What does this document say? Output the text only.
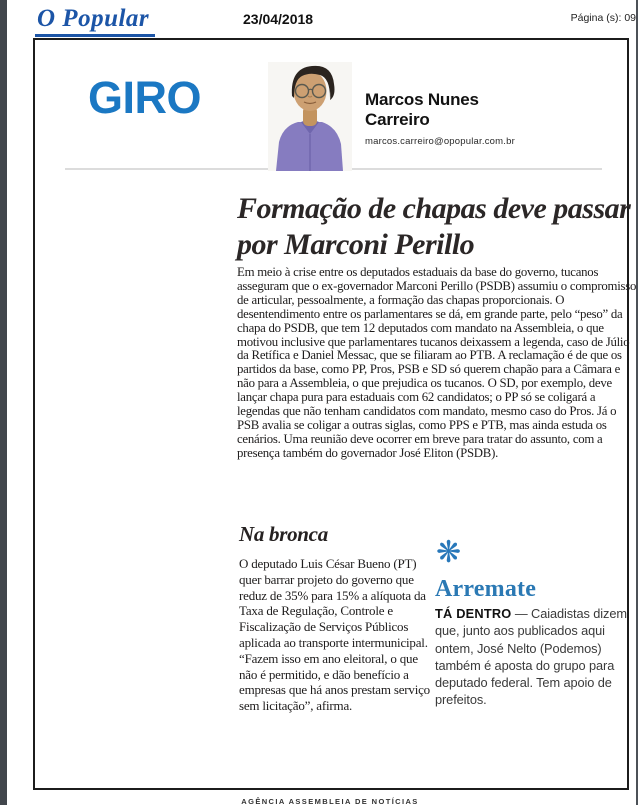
O Popular	23/04/2018	Página (s): 09
GIRO	Marcos Nunes Carreiro
marcos.carreiro@opopular.com.br
Formação de chapas deve passar por Marconi Perillo
Em meio à crise entre os deputados estaduais da base do governo, tucanos asseguram que o ex-governador Marconi Perillo (PSDB) assumiu o compromisso de articular, pessoalmente, a formação das chapas proporcionais. O desentendimento entre os parlamentares se dá, em grande parte, pelo “peso” da chapa do PSDB, que tem 12 deputados com mandato na Assembleia, o que motivou inclusive que parlamentares tucanos deixassem a legenda, caso de Júlio da Retífica e Daniel Messac, que se filiaram ao PTB. A reclamação é de que os partidos da base, como PP, Pros, PSB e SD só querem chapão para a Câmara e não para a Assembleia, o que prejudica os tucanos. O SD, por exemplo, deve lançar chapa pura para estaduais com 62 candidatos; o PP só se coligará a legendas que não tenham candidatos com mandato, mesmo caso do Pros. Já o PSB avalia se coligar a outras siglas, como PPS e PTB, mas ainda estuda os cenários. Uma reunião deve ocorrer em breve para tratar do assunto, com a presença também do governador José Eliton (PSDB).
Na bronca
O deputado Luis César Bueno (PT) quer barrar projeto do governo que reduz de 35% para 15% a alíquota da Taxa de Regulação, Controle e Fiscalização de Serviços Públicos aplicada ao transporte intermunicipal. “Fazem isso em ano eleitoral, o que não é permitido, e dão benefício a empresas que há anos prestam serviço sem licitação”, afirma.
❋
Arremate
TÁ DENTRO — Caiadistas dizem que, junto aos publicados aqui ontem, José Nelto (Podemos) também é aposta do grupo para deputado federal. Tem apoio de prefeitos.
AGÊNCIA ASSEMBLEIA DE NOTÍCIAS
